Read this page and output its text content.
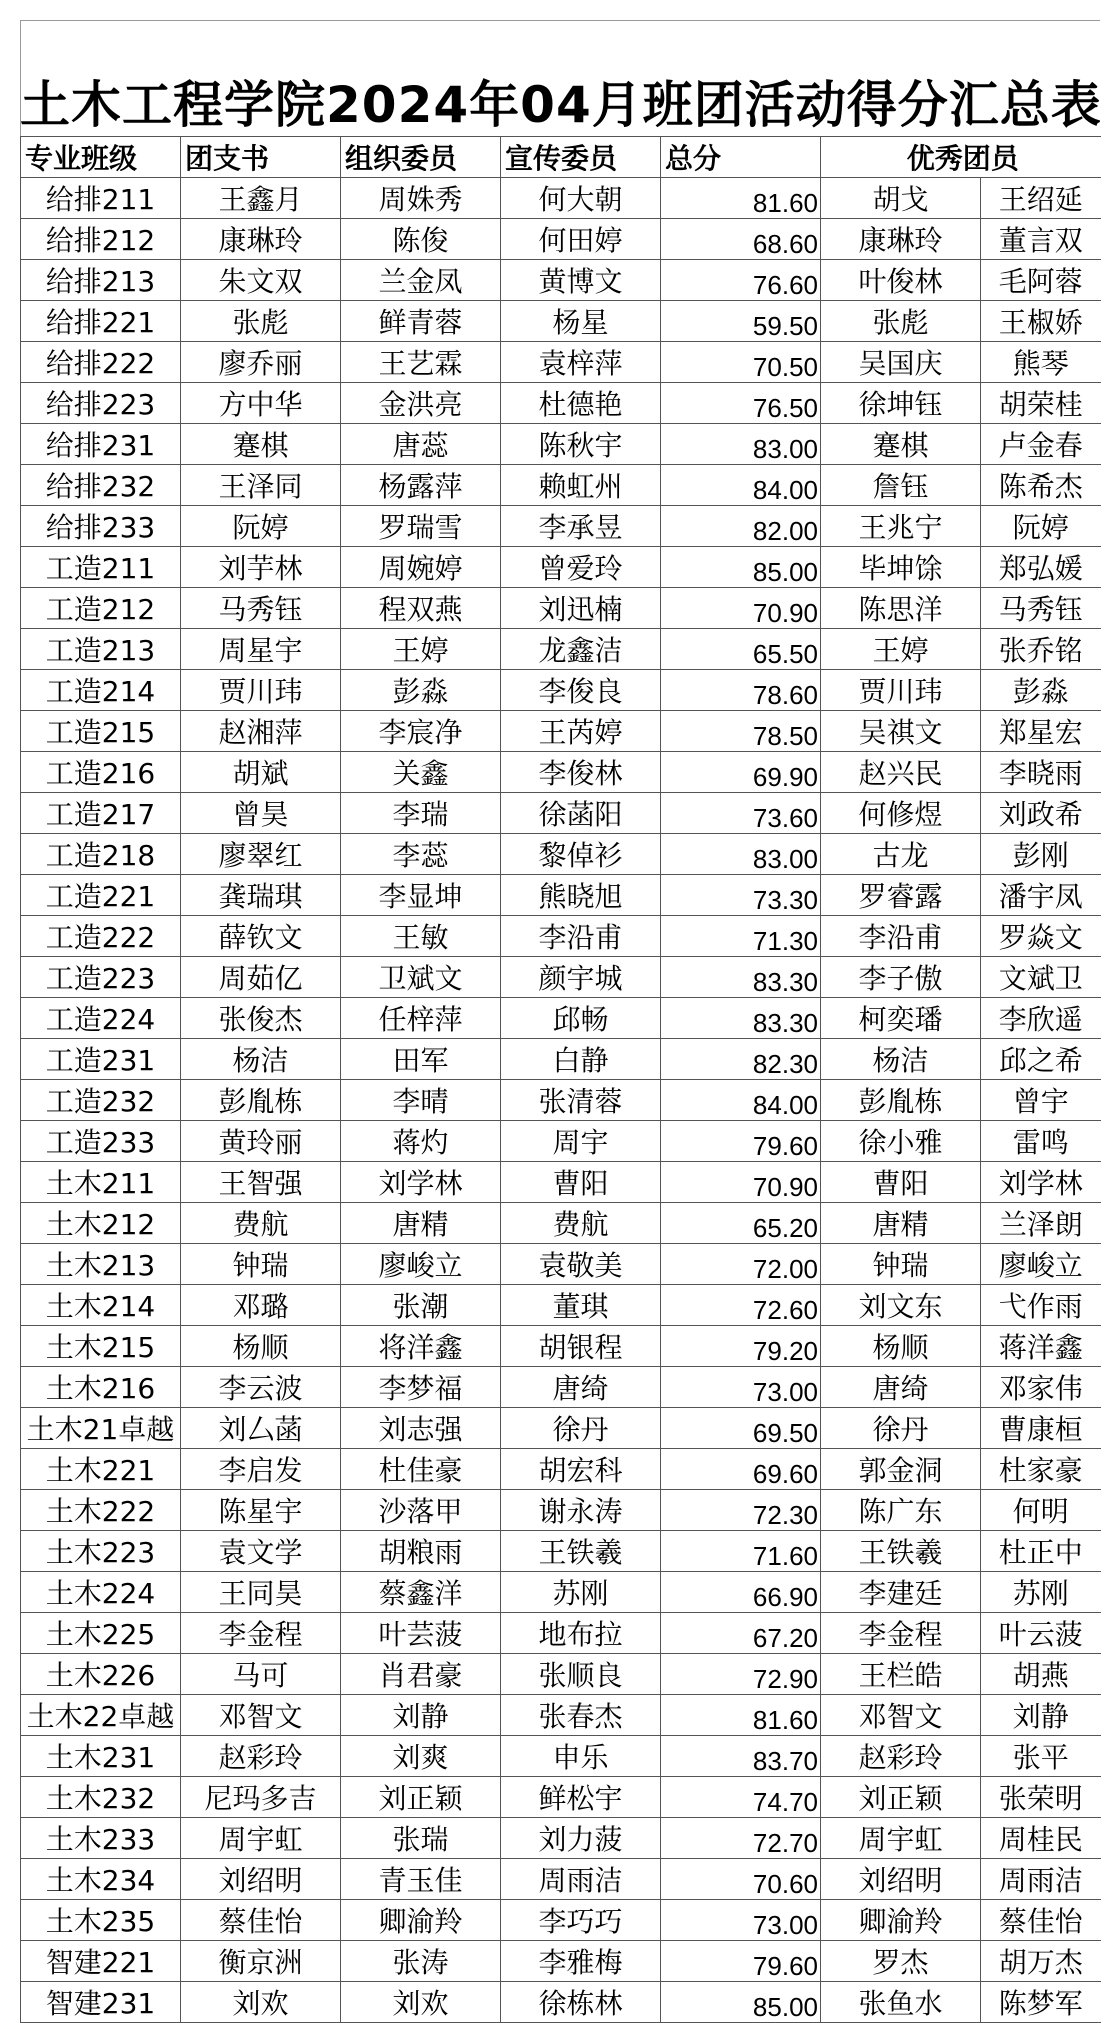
土木工程学院2024年04月班团活动得分汇总表
专业班级	团支书	组织委员	宣传委员	总分	优秀团员	
给排211	王鑫月	周姝秀	何大朝	81.60	胡戈	王绍延
给排212	康琳玲	陈俊	何田婷	68.60	康琳玲	董言双
给排213	朱文双	兰金凤	黄博文	76.60	叶俊林	毛阿蓉
给排221	张彪	鲜青蓉	杨星	59.50	张彪	王椒娇
给排222	廖乔丽	王艺霖	袁梓萍	70.50	吴国庆	熊琴
给排223	方中华	金洪亮	杜德艳	76.50	徐坤钰	胡荣桂
给排231	蹇棋	唐蕊	陈秋宇	83.00	蹇棋	卢金春
给排232	王泽同	杨露萍	赖虹州	84.00	詹钰	陈希杰
给排233	阮婷	罗瑞雪	李承昱	82.00	王兆宁	阮婷
工造211	刘芋林	周婉婷	曾爱玲	85.00	毕坤馀	郑弘媛
工造212	马秀钰	程双燕	刘迅楠	70.90	陈思洋	马秀钰
工造213	周星宇	王婷	龙鑫洁	65.50	王婷	张乔铭
工造214	贾川玮	彭淼	李俊良	78.60	贾川玮	彭淼
工造215	赵湘萍	李宸净	王芮婷	78.50	吴祺文	郑星宏
工造216	胡斌	关鑫	李俊林	69.90	赵兴民	李晓雨
工造217	曾昊	李瑞	徐菡阳	73.60	何修煜	刘政希
工造218	廖翠红	李蕊	黎倬衫	83.00	古龙	彭刚
工造221	龚瑞琪	李显坤	熊晓旭	73.30	罗睿露	潘宇凤
工造222	薛钦文	王敏	李沿甫	71.30	李沿甫	罗焱文
工造223	周茹亿	卫斌文	颜宇城	83.30	李子傲	文斌卫
工造224	张俊杰	任梓萍	邱畅	83.30	柯奕璠	李欣遥
工造231	杨洁	田军	白静	82.30	杨洁	邱之希
工造232	彭胤栋	李晴	张清蓉	84.00	彭胤栋	曾宇
工造233	黄玲丽	蒋灼	周宇	79.60	徐小雅	雷鸣
土木211	王智强	刘学林	曹阳	70.90	曹阳	刘学林
土木212	费航	唐精	费航	65.20	唐精	兰泽朗
土木213	钟瑞	廖峻立	袁敬美	72.00	钟瑞	廖峻立
土木214	邓璐	张潮	董琪	72.60	刘文东	弋作雨
土木215	杨顺	将洋鑫	胡银程	79.20	杨顺	蒋洋鑫
土木216	李云波	李梦福	唐绮	73.00	唐绮	邓家伟
土木21卓越	刘厶菡	刘志强	徐丹	69.50	徐丹	曹康桓
土木221	李启发	杜佳豪	胡宏科	69.60	郭金洞	杜家豪
土木222	陈星宇	沙落甲	谢永涛	72.30	陈广东	何明
土木223	袁文学	胡粮雨	王铁羲	71.60	王铁羲	杜正中
土木224	王同昊	蔡鑫洋	苏刚	66.90	李建廷	苏刚
土木225	李金程	叶芸菠	地布拉	67.20	李金程	叶云菠
土木226	马可	肖君豪	张顺良	72.90	王栏皓	胡燕
土木22卓越	邓智文	刘静	张春杰	81.60	邓智文	刘静
土木231	赵彩玲	刘爽	申乐	83.70	赵彩玲	张平
土木232	尼玛多吉	刘正颖	鲜松宇	74.70	刘正颖	张荣明
土木233	周宇虹	张瑞	刘力菠	72.70	周宇虹	周桂民
土木234	刘绍明	青玉佳	周雨洁	70.60	刘绍明	周雨洁
土木235	蔡佳怡	卿渝羚	李巧巧	73.00	卿渝羚	蔡佳怡
智建221	衡京洲	张涛	李雅梅	79.60	罗杰	胡万杰
智建231	刘欢	刘欢	徐栋林	85.00	张鱼水	陈梦军
